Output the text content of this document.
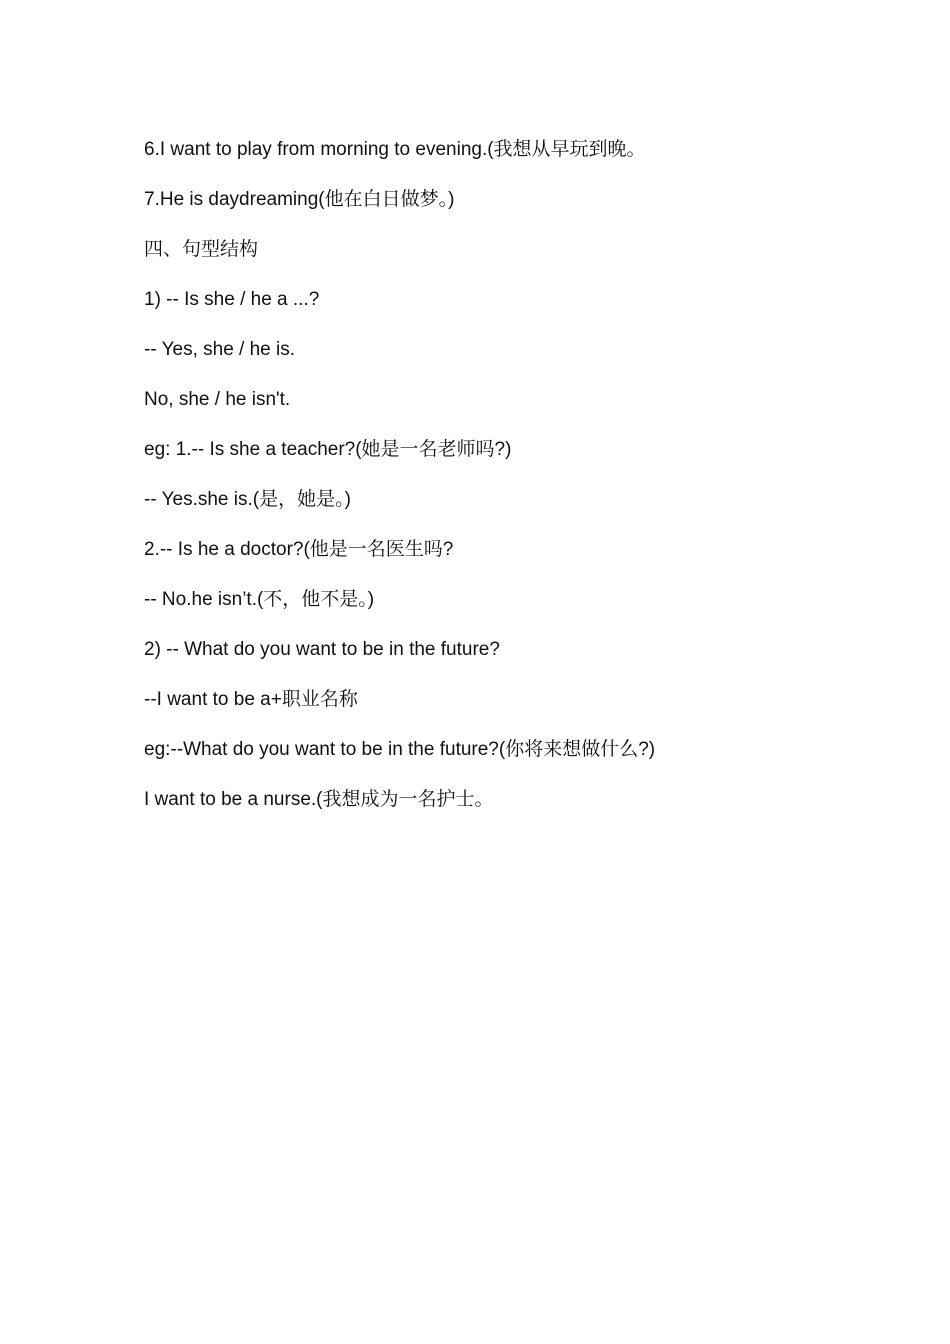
6.I want to play from morning to evening.(我想从早玩到晚。
7.He is daydreaming(他在白日做梦。)
四、句型结构
1) -- Is she / he a ...?
-- Yes, she / he is.
No, she / he isn't.
eg: 1.-- Is she a teacher?(她是一名老师吗?)
-- Yes.she is.(是，她是。)
2.-- Is he a doctor?(他是一名医生吗?
-- No.he isn’t.(不，他不是。)
2) -- What do you want to be in the future?
--I want to be a+职业名称
eg:--What do you want to be in the future?(你将来想做什么?)
I want to be a nurse.(我想成为一名护士。
